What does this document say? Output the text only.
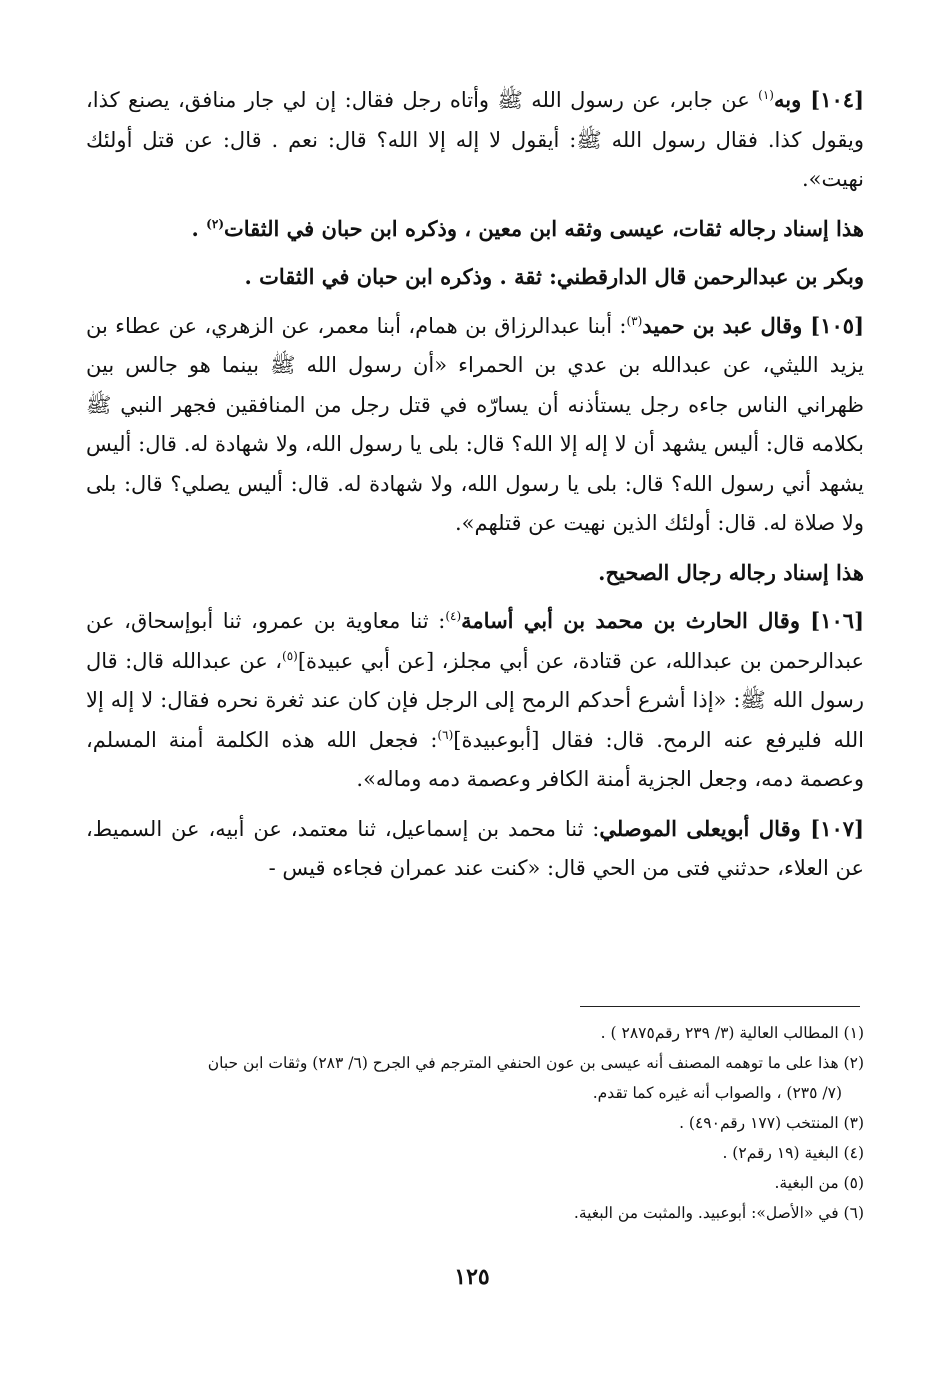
[١٠٤] وبه$^{(١)}$ عن جابر، عن رسول الله ﷺ وأتاه رجل فقال: إن لي جار منافق، يصنع كذا، ويقول كذا. فقال رسول الله ﷺ: أيقول لا إله إلا الله؟ قال: نعم . قال: عن قتل أولئك نهيت».

هذا إسناد رجاله ثقات، عيسى وثقه ابن معين ، وذكره ابن حبان في الثقات$^{(٢)}$ .

وبكر بن عبدالرحمن قال الدارقطني: ثقة . وذكره ابن حبان في الثقات .

[١٠٥] وقال عبد بن حميد$^{(٣)}$: أبنا عبدالرزاق بن همام، أبنا معمر، عن الزهري، عن عطاء بن يزيد الليثي، عن عبدالله بن عدي بن الحمراء «أن رسول الله ﷺ بينما هو جالس بين ظهراني الناس جاءه رجل يستأذنه أن يسارّه في قتل رجل من المنافقين فجهر النبي ﷺ بكلامه قال: أليس يشهد أن لا إله إلا الله؟ قال: بلى يا رسول الله، ولا شهادة له. قال: أليس يشهد أني رسول الله؟ قال: بلى يا رسول الله، ولا شهادة له. قال: أليس يصلي؟ قال: بلى ولا صلاة له. قال: أولئك الذين نهيت عن قتلهم».

هذا إسناد رجاله رجال الصحيح.

[١٠٦] وقال الحارث بن محمد بن أبي أسامة$^{(٤)}$: ثنا معاوية بن عمرو، ثنا أبوإسحاق، عن عبدالرحمن بن عبدالله، عن قتادة، عن أبي مجلز، [عن أبي عبيدة]$^{(٥)}$، عن عبدالله قال: قال رسول الله ﷺ: «إذا أشرع أحدكم الرمح إلى الرجل فإن كان عند ثغرة نحره فقال: لا إله إلا الله فليرفع عنه الرمح. قال: فقال [أبوعبيدة]$^{(٦)}$: فجعل الله هذه الكلمة أمنة المسلم، وعصمة دمه، وجعل الجزية أمنة الكافر وعصمة دمه وماله».

[١٠٧] وقال أبويعلى الموصلي: ثنا محمد بن إسماعيل، ثنا معتمد، عن أبيه، عن السميط، عن العلاء، حدثني فتى من الحي قال: «كنت عند عمران فجاءه قيس -

(١) المطالب العالية (٣/ ٢٣٩ رقم٢٨٧٥ ) .

(٢) هذا على ما توهمه المصنف أنه عيسى بن عون الحنفي المترجم في الجرح (٦/ ٢٨٣) وثقات ابن حبان

(٧/ ٢٣٥) ، والصواب أنه غيره كما تقدم.

(٣) المنتخب (١٧٧ رقم٤٩٠) .

(٤) البغية (١٩ رقم٢) .

(٥) من البغية.

(٦) في «الأصل»: أبوعبيد. والمثبت من البغية.

١٢٥
